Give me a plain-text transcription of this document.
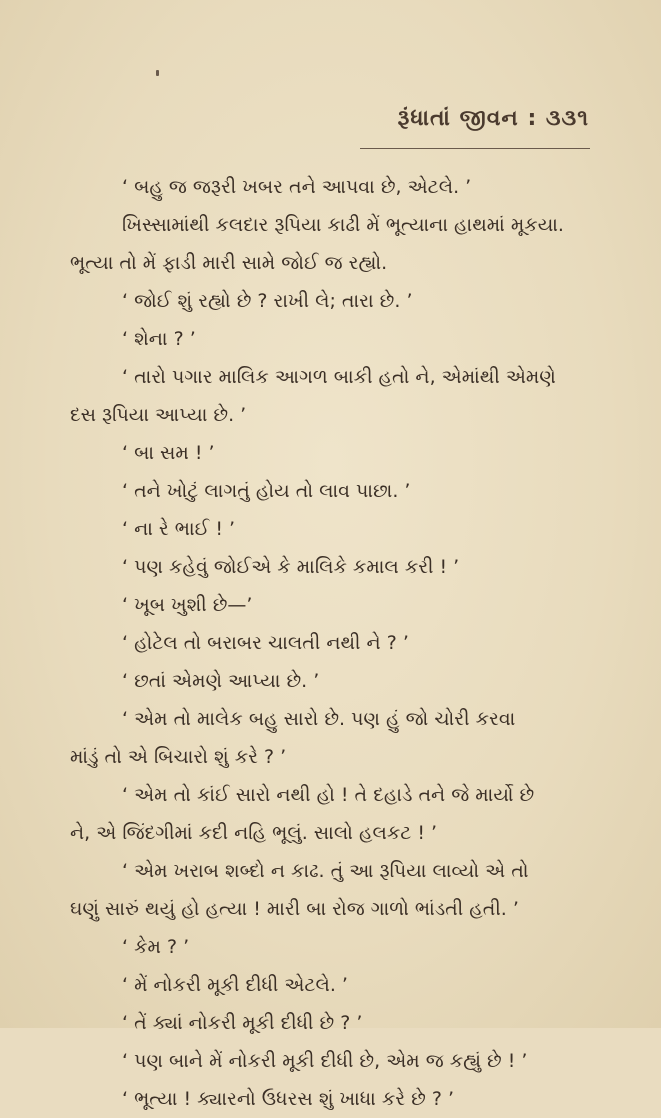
રૂંધાતાં જીવન : ૩૩૧
‘ બહુ જ જરૂરી ખબર તને આપવા છે, એટલે. ’
ખિસ્સામાંથી કલદાર રૂપિયા કાઢી મેં ભૂત્યાના હાથમાં મૂકયા.
ભૂત્યા તો મેં ફાડી મારી સામે જોઈ જ રહ્યો.
‘ જોઈ શું રહ્યો છે ? રાખી લે; તારા છે. ’
‘ શેના ? ’
‘ તારો પગાર માલિક આગળ બાકી હતો ને, એમાંથી એમણે
દસ રૂપિયા આપ્યા છે. ’
‘ બા સમ ! ’
‘ તને ખોટું લાગતું હોય તો લાવ પાછા. ’
‘ ના રે ભાઈ ! ’
‘ પણ કહેવું જોઈએ કે માલિકે કમાલ કરી ! ’
‘ ખૂબ ખુશી છે—’
‘ હોટેલ તો બરાબર ચાલતી નથી ને ? ’
‘ છતાં એમણે આપ્યા છે. ’
‘ એમ તો માલેક બહુ સારો છે. પણ હું જો ચોરી કરવા
માંડું તો એ બિચારો શું કરે ? ’
‘ એમ તો કાંઈ સારો નથી હો ! તે દહાડે તને જે માર્યો છે
ને, એ જિંદગીમાં કદી નહિ ભૂલું. સાલો હલકટ ! ’
‘ એમ ખરાબ શબ્દો ન કાઢ. તું આ રૂપિયા લાવ્યો એ તો
ઘણું સારું થયું હો હત્યા ! મારી બા રોજ ગાળો ભાંડતી હતી. ’
‘ કેમ ? ’
‘ મેં નોકરી મૂકી દીધી એટલે. ’
‘ તેં ક્યાં નોકરી મૂકી દીધી છે ? ’
‘ પણ બાને મેં નોકરી મૂકી દીધી છે, એમ જ કહ્યું છે ! ’
‘ ભૂત્યા ! ક્યારનો ઉધરસ શું ખાધા કરે છે ? ’
